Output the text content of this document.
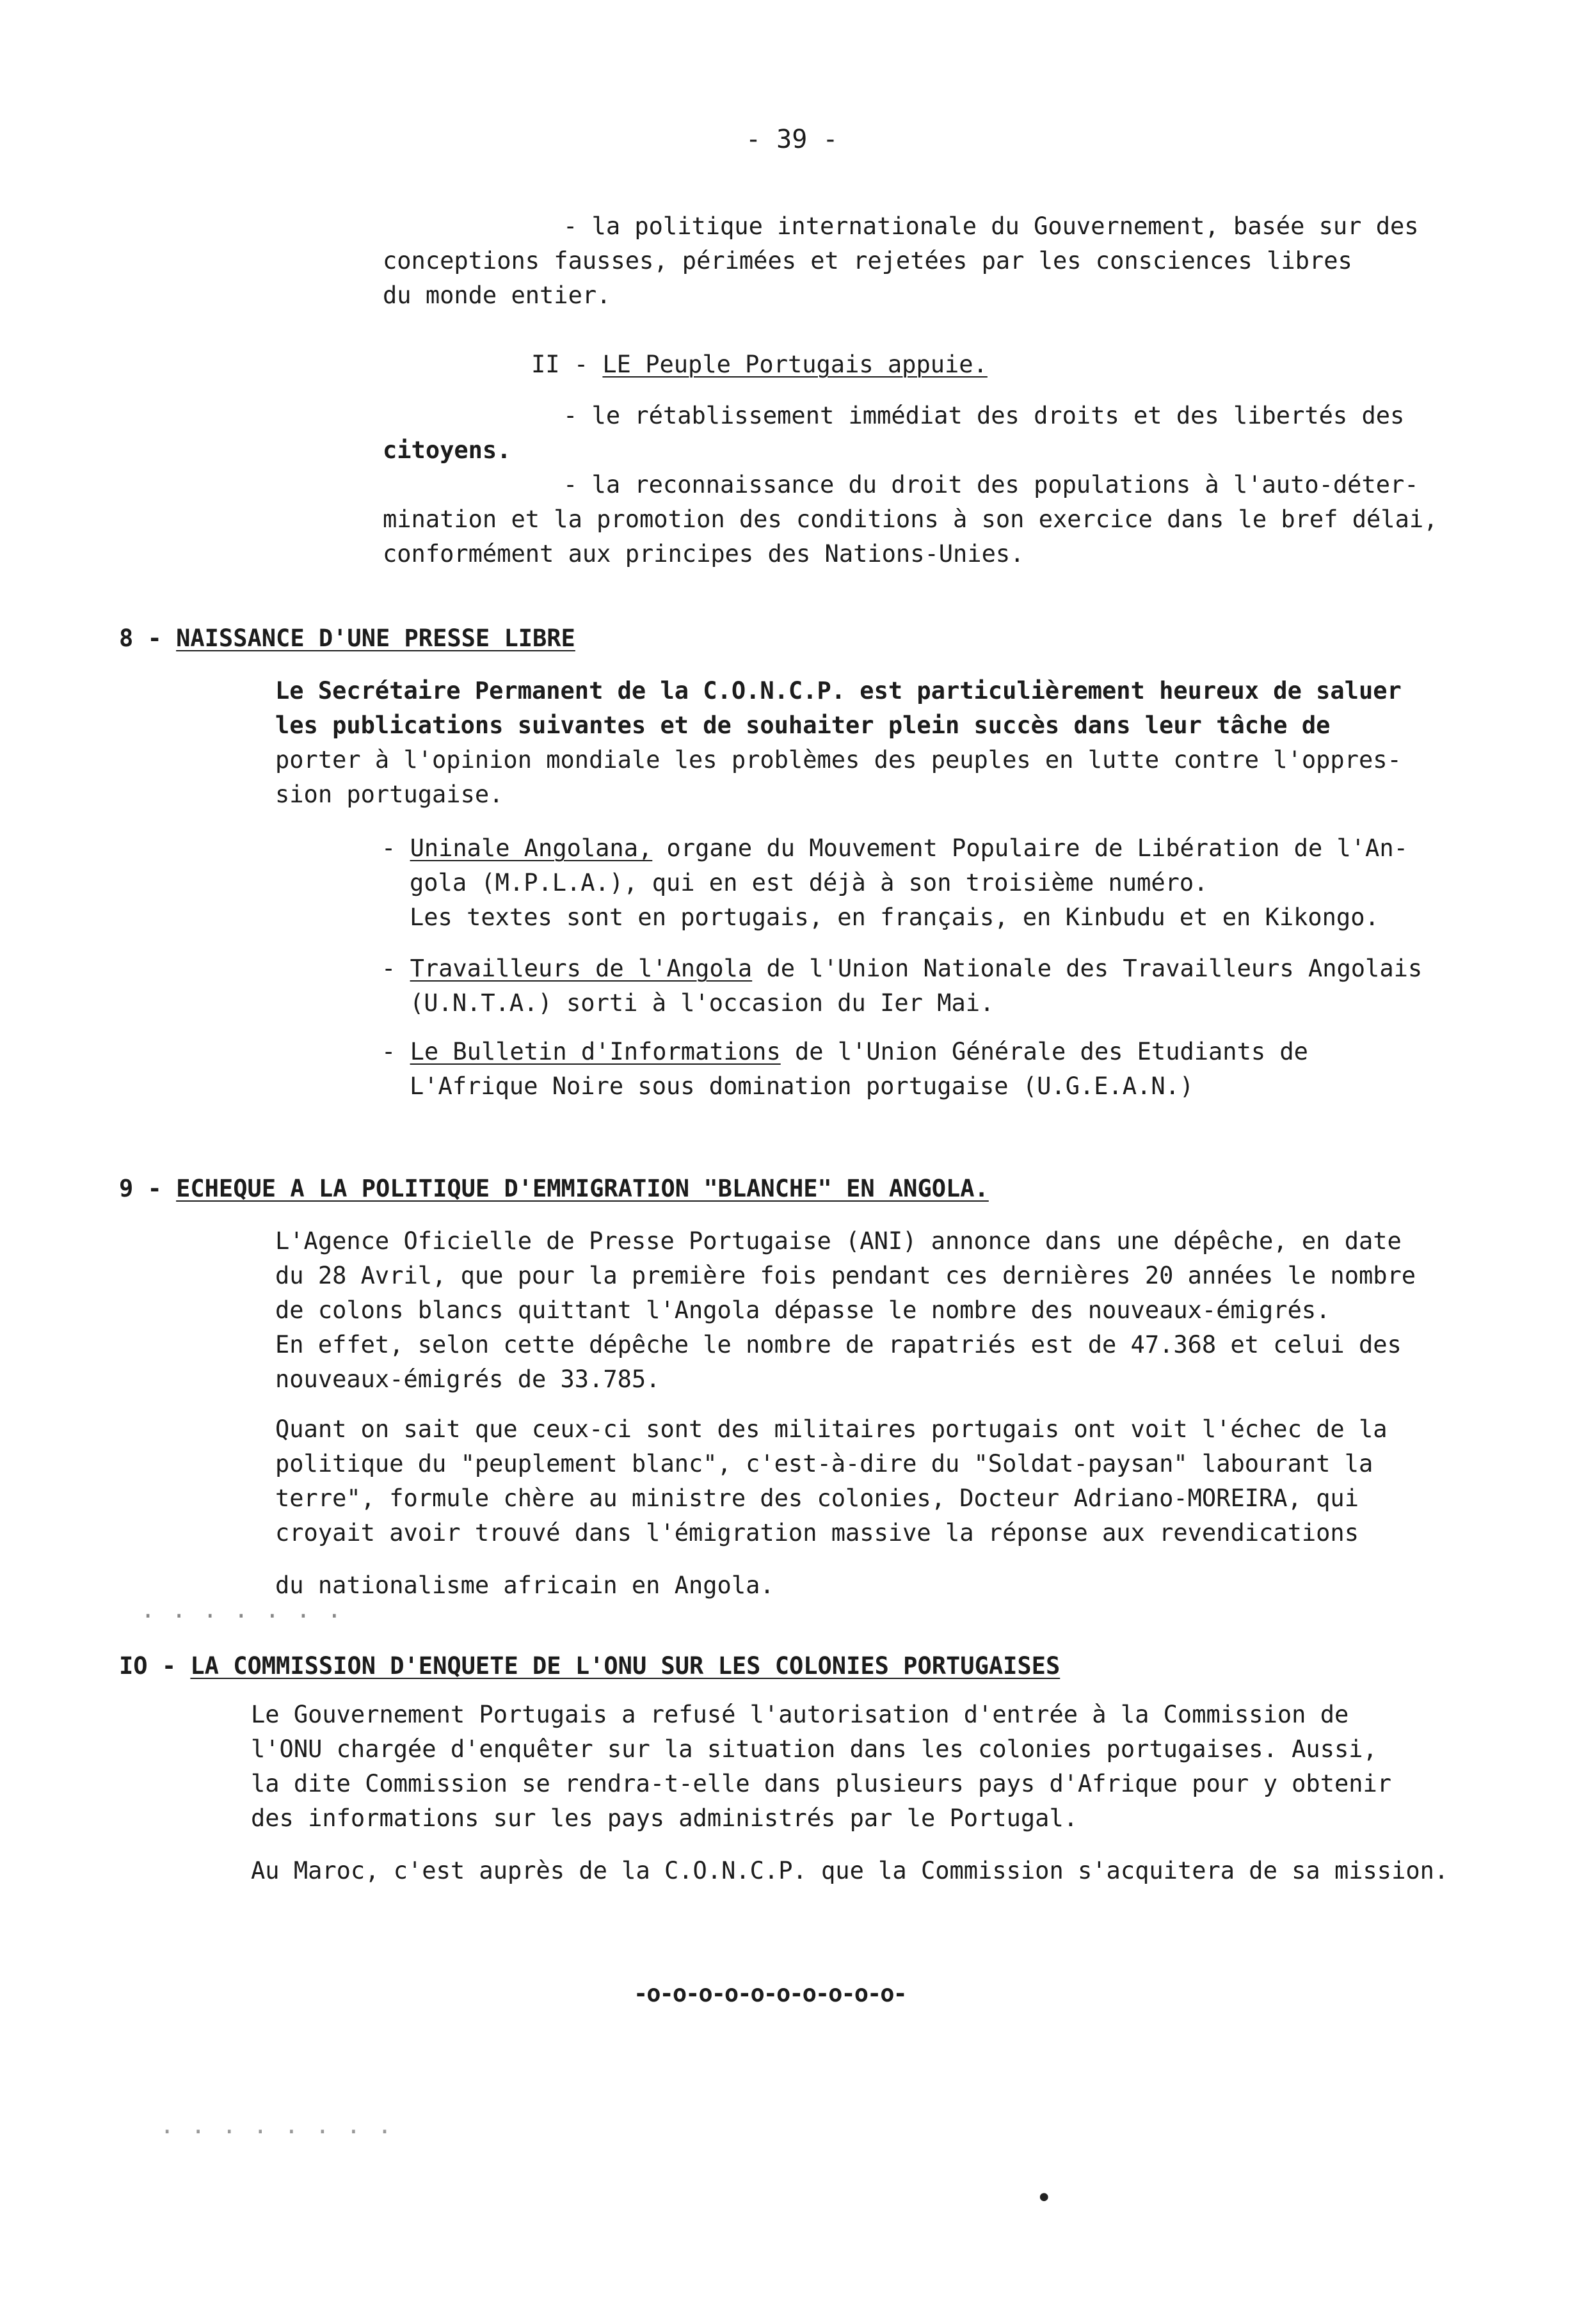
- 39 -
- la politique internationale du Gouvernement, basée sur des
conceptions fausses, périmées et rejetées par les consciences libres
du monde entier.
II - LE Peuple Portugais appuie.
- le rétablissement immédiat des droits et des libertés des
citoyens.
- la reconnaissance du droit des populations à l'auto-déter-
mination et la promotion des conditions à son exercice dans le bref délai,
conformément aux principes des Nations-Unies.
8 - NAISSANCE D'UNE PRESSE LIBRE
Le Secrétaire Permanent de la C.O.N.C.P. est particulièrement heureux de saluer
les publications suivantes et de souhaiter plein succès dans leur tâche de
porter à l'opinion mondiale les problèmes des peuples en lutte contre l'oppres-
sion portugaise.
- Uninale Angolana, organe du Mouvement Populaire de Libération de l'An-
gola (M.P.L.A.), qui en est déjà à son troisième numéro.
Les textes sont en portugais, en français, en Kinbudu et en Kikongo.
- Travailleurs de l'Angola de l'Union Nationale des Travailleurs Angolais
(U.N.T.A.) sorti à l'occasion du Ier Mai.
- Le Bulletin d'Informations de l'Union Générale des Etudiants de
L'Afrique Noire sous domination portugaise (U.G.E.A.N.)
9 - ECHEQUE A LA POLITIQUE D'EMMIGRATION "BLANCHE" EN ANGOLA.
L'Agence Oficielle de Presse Portugaise (ANI) annonce dans une dépêche, en date
du 28 Avril, que pour la première fois pendant ces dernières 20 années le nombre
de colons blancs quittant l'Angola dépasse le nombre des nouveaux-émigrés.
En effet, selon cette dépêche le nombre de rapatriés est de 47.368 et celui des
nouveaux-émigrés de 33.785.
Quant on sait que ceux-ci sont des militaires portugais ont voit l'échec de la
politique du "peuplement blanc", c'est-à-dire du "Soldat-paysan" labourant la
terre", formule chère au ministre des colonies, Docteur Adriano-MOREIRA, qui
croyait avoir trouvé dans l'émigration massive la réponse aux revendications
du nationalisme africain en Angola.
IO - LA COMMISSION D'ENQUETE DE L'ONU SUR LES COLONIES PORTUGAISES
Le Gouvernement Portugais a refusé l'autorisation d'entrée à la Commission de
l'ONU chargée d'enquêter sur la situation dans les colonies portugaises. Aussi,
la dite Commission se rendra-t-elle dans plusieurs pays d'Afrique pour y obtenir
des informations sur les pays administrés par le Portugal.
Au Maroc, c'est auprès de la C.O.N.C.P. que la Commission s'acquitera de sa mission.
-o-o-o-o-o-o-o-o-o-o-
. . . . . . .
. . . . . . . .
•
